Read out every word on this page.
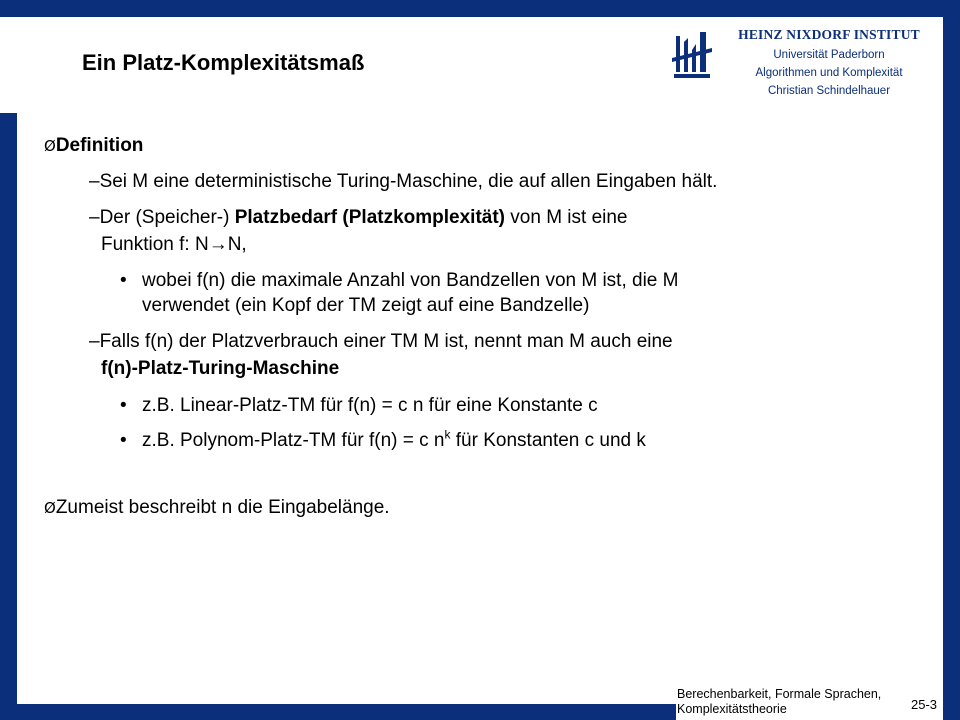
HEINZ NIXDORF INSTITUT
Universität Paderborn
Algorithmen und Komplexität
Christian Schindelhauer
Ein Platz-Komplexitätsmaß
ØDefinition
–Sei M eine deterministische Turing-Maschine, die auf allen Eingaben hält.
–Der (Speicher-) Platzbedarf (Platzkomplexität) von M ist eine
Funktion f: N→N,
• wobei f(n) die maximale Anzahl von Bandzellen von M ist, die M
verwendet (ein Kopf der TM zeigt auf eine Bandzelle)
–Falls f(n) der Platzverbrauch einer TM M ist, nennt man M auch eine
f(n)-Platz-Turing-Maschine
• z.B. Linear-Platz-TM für f(n) = c n für eine Konstante c
• z.B. Polynom-Platz-TM für f(n) = c $n^k$ für Konstanten c und k
ØZumeist beschreibt n die Eingabelänge.
Berechenbarkeit, Formale Sprachen,
Komplexitätstheorie	25-3
